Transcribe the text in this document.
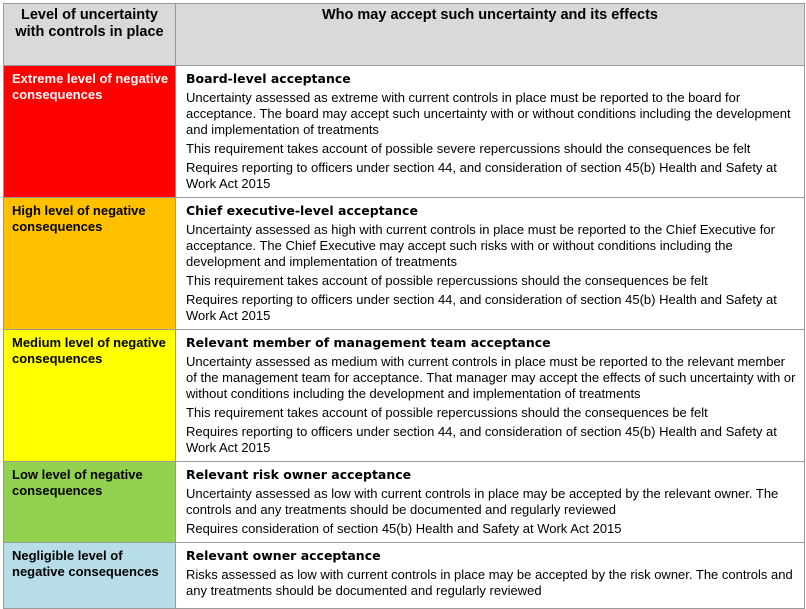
Level of uncertainty with controls in place	Who may accept such uncertainty and its effects
Extreme level of negative consequences	Board-level acceptance
Uncertainty assessed as extreme with current controls in place must be reported to the board for acceptance. The board may accept such uncertainty with or without conditions including the development and implementation of treatments
This requirement takes account of possible severe repercussions should the consequences be felt
Requires reporting to officers under section 44, and consideration of section 45(b) Health and Safety at Work Act 2015

High level of negative consequences	Chief executive-level acceptance
Uncertainty assessed as high with current controls in place must be reported to the Chief Executive for acceptance. The Chief Executive may accept such risks with or without conditions including the development and implementation of treatments
This requirement takes account of possible repercussions should the consequences be felt
Requires reporting to officers under section 44, and consideration of section 45(b) Health and Safety at Work Act 2015

Medium level of negative consequences	Relevant member of management team acceptance
Uncertainty assessed as medium with current controls in place must be reported to the relevant member of the management team for acceptance. That manager may accept the effects of such uncertainty with or without conditions including the development and implementation of treatments
This requirement takes account of possible repercussions should the consequences be felt
Requires reporting to officers under section 44, and consideration of section 45(b) Health and Safety at Work Act 2015

Low level of negative consequences	Relevant risk owner acceptance
Uncertainty assessed as low with current controls in place may be accepted by the relevant owner. The controls and any treatments should be documented and regularly reviewed
Requires consideration of section 45(b) Health and Safety at Work Act 2015

Negligible level of negative consequences	Relevant owner acceptance
Risks assessed as low with current controls in place may be accepted by the risk owner. The controls and any treatments should be documented and regularly reviewed
